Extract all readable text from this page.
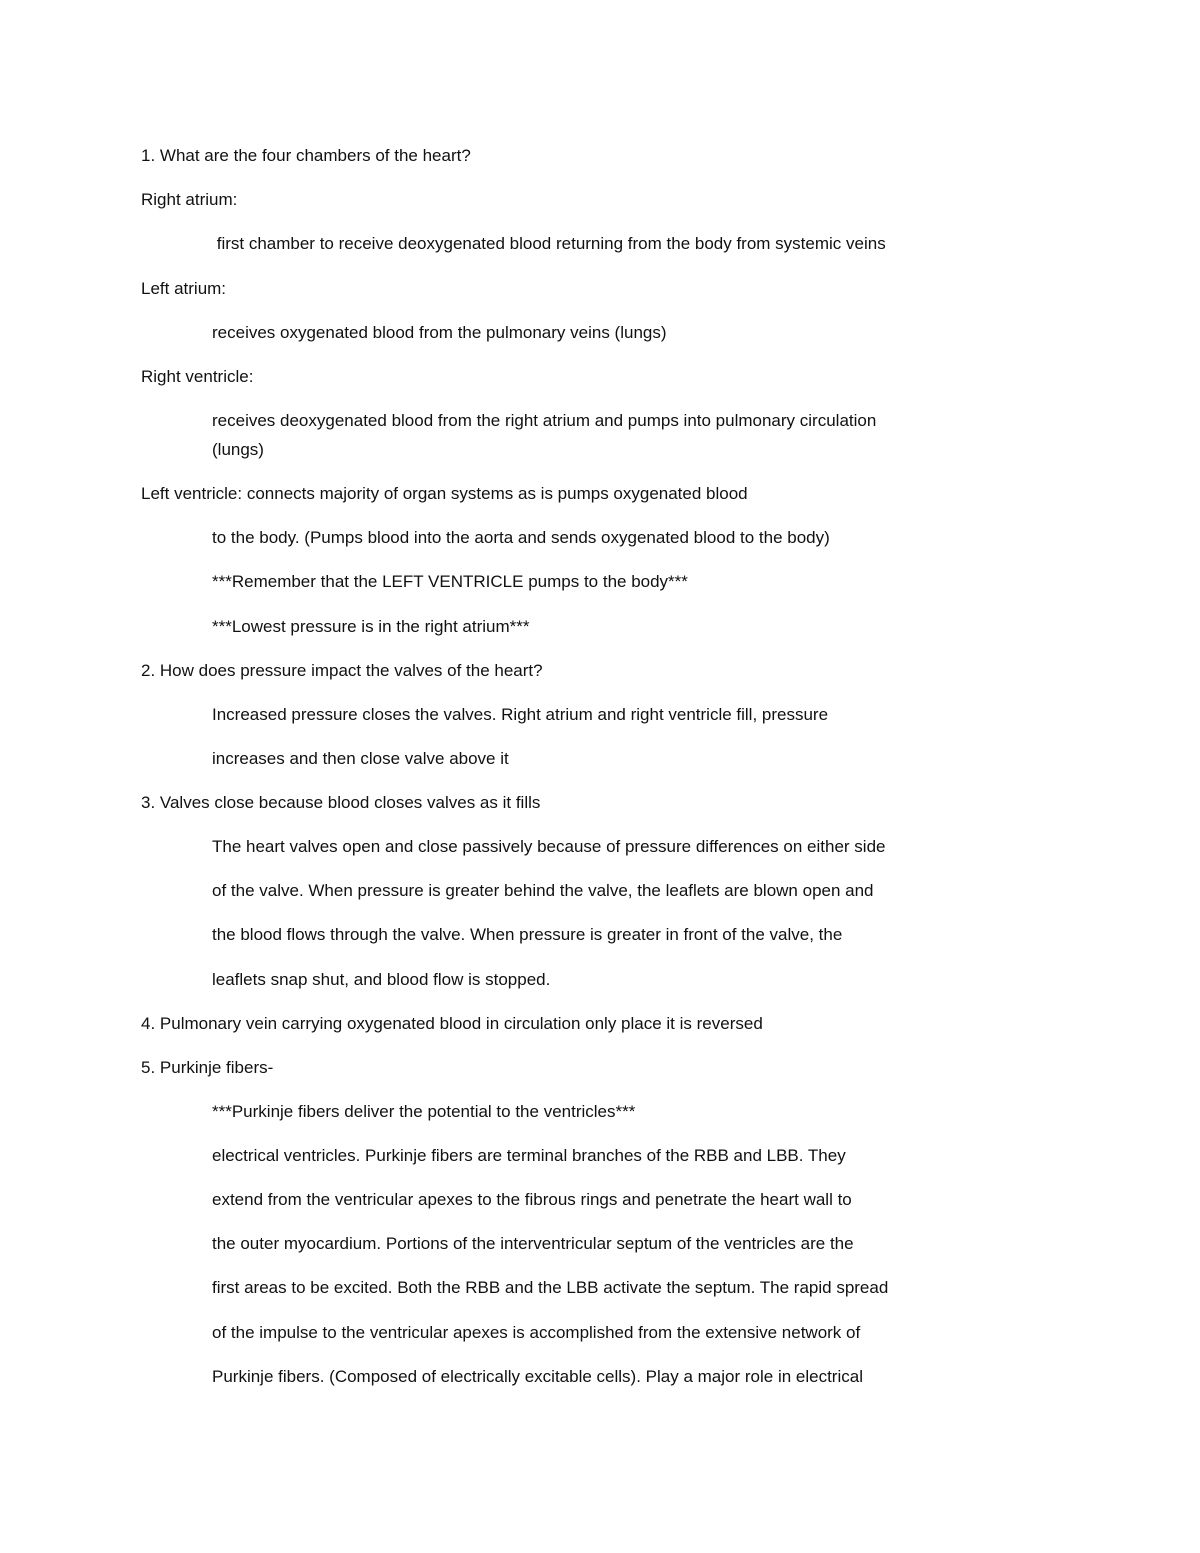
1. What are the four chambers of the heart?

Right atrium:

first chamber to receive deoxygenated blood returning from the body from systemic veins

Left atrium:

receives oxygenated blood from the pulmonary veins (lungs)

Right ventricle:

receives deoxygenated blood from the right atrium and pumps into pulmonary circulation

(lungs)

Left ventricle: connects majority of organ systems as is pumps oxygenated blood

to the body. (Pumps blood into the aorta and sends oxygenated blood to the body)

***Remember that the LEFT VENTRICLE pumps to the body***

***Lowest pressure is in the right atrium***

2. How does pressure impact the valves of the heart?

Increased pressure closes the valves. Right atrium and right ventricle fill, pressure

increases and then close valve above it

3. Valves close because blood closes valves as it fills

The heart valves open and close passively because of pressure differences on either side

of the valve. When pressure is greater behind the valve, the leaflets are blown open and

the blood flows through the valve. When pressure is greater in front of the valve, the

leaflets snap shut, and blood flow is stopped.

4. Pulmonary vein carrying oxygenated blood in circulation only place it is reversed

5. Purkinje fibers-

***Purkinje fibers deliver the potential to the ventricles***

electrical ventricles. Purkinje fibers are terminal branches of the RBB and LBB. They

extend from the ventricular apexes to the fibrous rings and penetrate the heart wall to

the outer myocardium. Portions of the interventricular septum of the ventricles are the

first areas to be excited. Both the RBB and the LBB activate the septum. The rapid spread

of the impulse to the ventricular apexes is accomplished from the extensive network of

Purkinje fibers. (Composed of electrically excitable cells). Play a major role in electrical
